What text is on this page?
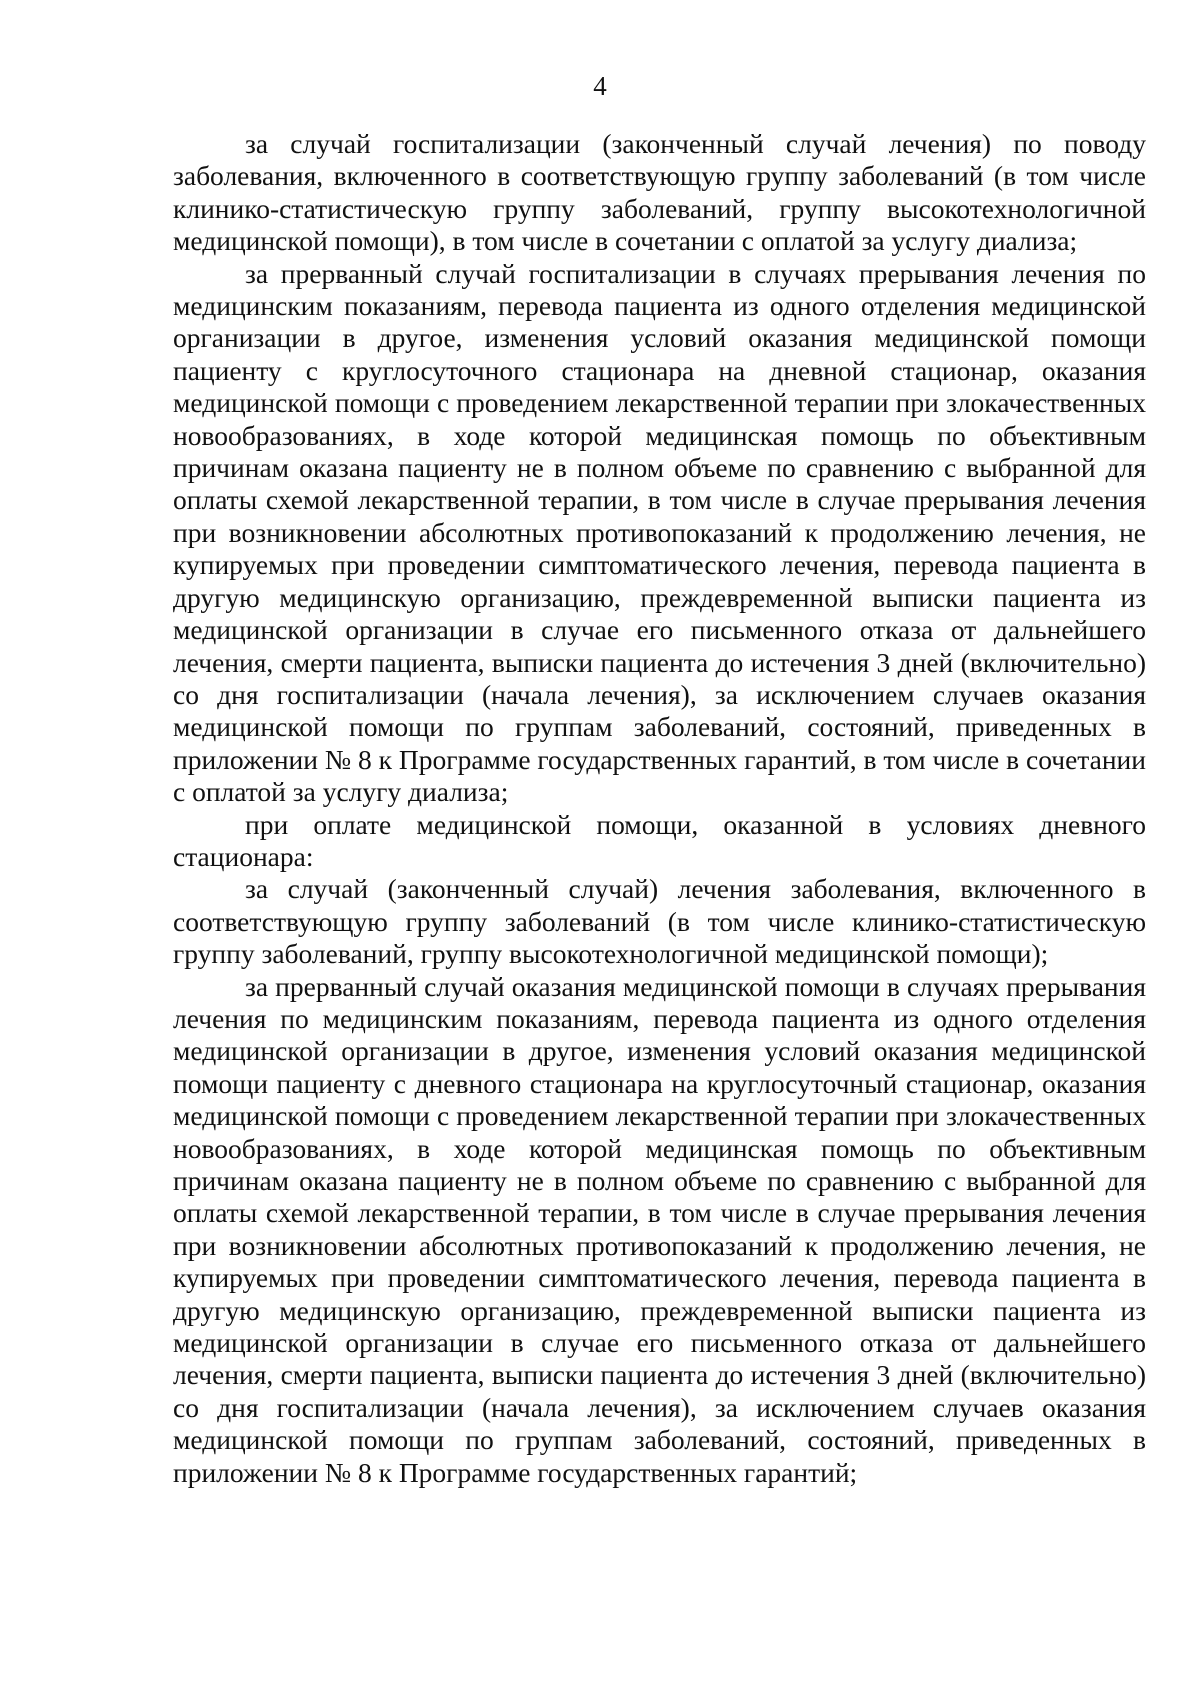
4

за случай госпитализации (законченный случай лечения) по поводу заболевания, включенного в соответствующую группу заболеваний (в том числе клинико-статистическую группу заболеваний, группу высокотехнологичной медицинской помощи), в том числе в сочетании с оплатой за услугу диализа;

за прерванный случай госпитализации в случаях прерывания лечения по медицинским показаниям, перевода пациента из одного отделения медицинской организации в другое, изменения условий оказания медицинской помощи пациенту с круглосуточного стационара на дневной стационар, оказания медицинской помощи с проведением лекарственной терапии при злокачественных новообразованиях, в ходе которой медицинская помощь по объективным причинам оказана пациенту не в полном объеме по сравнению с выбранной для оплаты схемой лекарственной терапии, в том числе в случае прерывания лечения при возникновении абсолютных противопоказаний к продолжению лечения, не купируемых при проведении симптоматического лечения, перевода пациента в другую медицинскую организацию, преждевременной выписки пациента из медицинской организации в случае его письменного отказа от дальнейшего лечения, смерти пациента, выписки пациента до истечения 3 дней (включительно) со дня госпитализации (начала лечения), за исключением случаев оказания медицинской помощи по группам заболеваний, состояний, приведенных в приложении № 8 к Программе государственных гарантий, в том числе в сочетании с оплатой за услугу диализа;

при оплате медицинской помощи, оказанной в условиях дневного стационара:

за случай (законченный случай) лечения заболевания, включенного в соответствующую группу заболеваний (в том числе клинико-статистическую группу заболеваний, группу высокотехнологичной медицинской помощи);

за прерванный случай оказания медицинской помощи в случаях прерывания лечения по медицинским показаниям, перевода пациента из одного отделения медицинской организации в другое, изменения условий оказания медицинской помощи пациенту с дневного стационара на круглосуточный стационар, оказания медицинской помощи с проведением лекарственной терапии при злокачественных новообразованиях, в ходе которой медицинская помощь по объективным причинам оказана пациенту не в полном объеме по сравнению с выбранной для оплаты схемой лекарственной терапии, в том числе в случае прерывания лечения при возникновении абсолютных противопоказаний к продолжению лечения, не купируемых при проведении симптоматического лечения, перевода пациента в другую медицинскую организацию, преждевременной выписки пациента из медицинской организации в случае его письменного отказа от дальнейшего лечения, смерти пациента, выписки пациента до истечения 3 дней (включительно) со дня госпитализации (начала лечения), за исключением случаев оказания медицинской помощи по группам заболеваний, состояний, приведенных в приложении № 8 к Программе государственных гарантий;
